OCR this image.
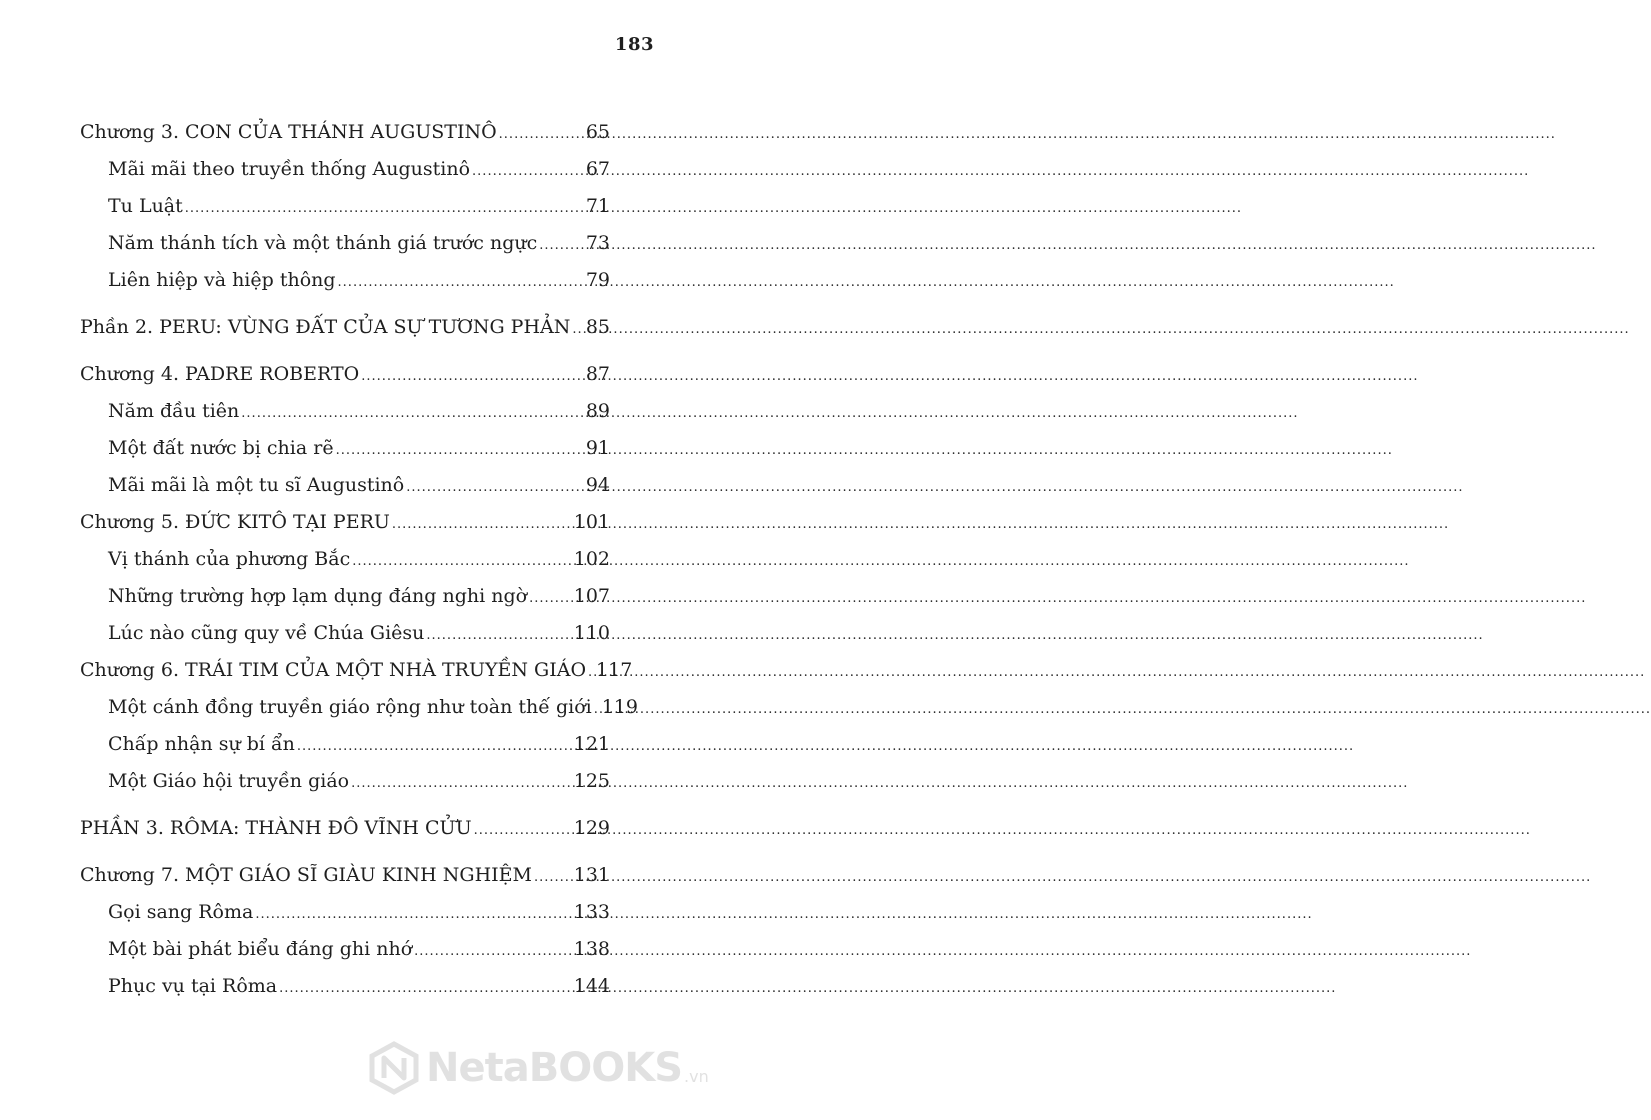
183
Chương 3. CON CỦA THÁNH AUGUSTINÔ .....	65
Mãi mãi theo truyền thống Augustinô .....	67
Tu Luật .....	71
Năm thánh tích và một thánh giá trước ngực .....	73
Liên hiệp và hiệp thông .....	79
Phần 2. PERU: VÙNG ĐẤT CỦA SỰ TƯƠNG PHẢN ..... 85
Chương 4. PADRE ROBERTO .....	87
Năm đầu tiên .....	89
Một đất nước bị chia rẽ .....	91
Mãi mãi là một tu sĩ Augustinô .....	94
Chương 5. ĐỨC KITÔ TẠI PERU .....	101
Vị thánh của phương Bắc .....	102
Những trường hợp lạm dụng đáng nghi ngờ ..... 107
Lúc nào cũng quy về Chúa Giêsu .....	110
Chương 6. TRÁI TIM CỦA MỘT NHÀ TRUYỀN GIÁO ..... 117
Một cánh đồng truyền giáo rộng như toàn thế giới ..... 119
Chấp nhận sự bí ẩn .....	121
Một Giáo hội truyền giáo .....	125
PHẦN 3. RÔMA: THÀNH ĐÔ VĨNH CỬU .....	129
Chương 7. MỘT GIÁO SĨ GIÀU KINH NGHIỆM ..... 131
Gọi sang Rôma .....	133
Một bài phát biểu đáng ghi nhớ .....	138
Phục vụ tại Rôma .....	144
NetaBOOKS .vn
